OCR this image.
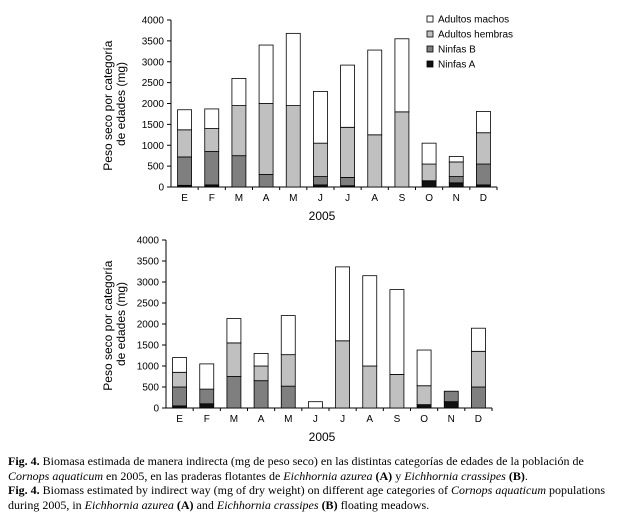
Peso seco por categoría de edades (mg)
0
500
1000
1500
2000
2500
3000
3500
4000
E F M A M J J A S O N D
2005
Adultos machos
Adultos hembras
Ninfas B
Ninfas A
Peso seco por categoría de edades (mg)
0
500
1000
1500
2000
2500
3000
3500
4000
E F M A M J J A S O N D
2005

Fig. 4. Biomasa estimada de manera indirecta (mg de peso seco) en las distintas categorías de edades de la población de Cornops aquaticum en 2005, en las praderas flotantes de Eichhornia azurea (A) y Eichhornia crassipes (B).

Fig. 4. Biomass estimated by indirect way (mg of dry weight) on different age categories of Cornops aquaticum populations during 2005, in Eichhornia azurea (A) and Eichhornia crassipes (B) floating meadows.
